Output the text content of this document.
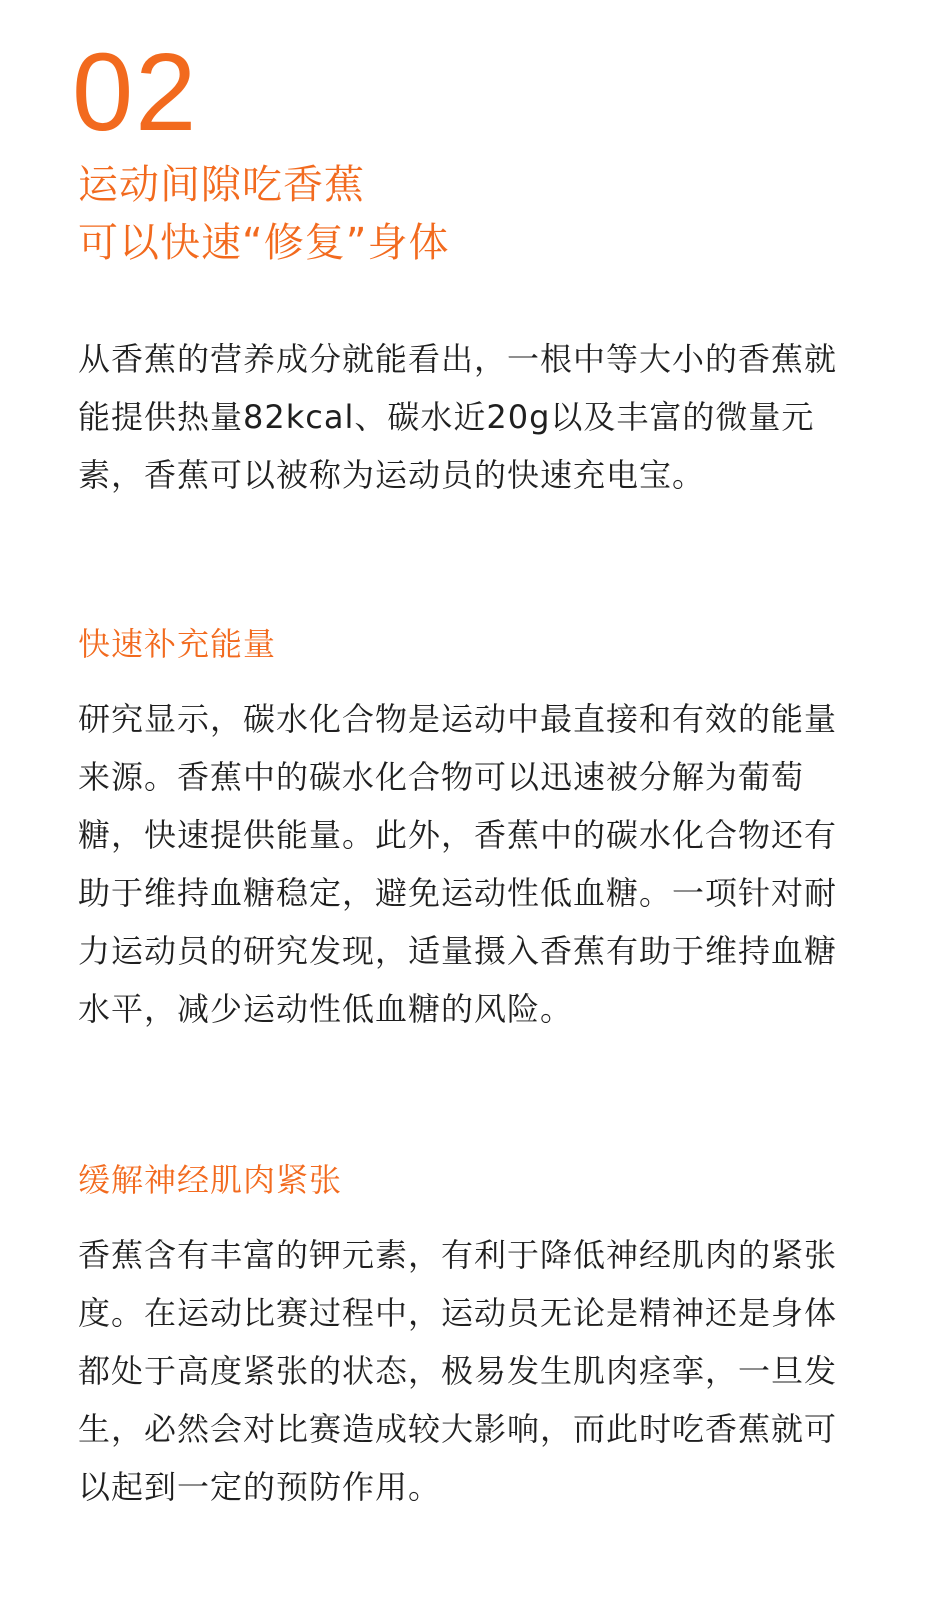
02
运动间隙吃香蕉
可以快速“修复”身体

从香蕉的营养成分就能看出，一根中等大小的香蕉就能提供热量82kcal、碳水近20g以及丰富的微量元素，香蕉可以被称为运动员的快速充电宝。

快速补充能量

研究显示，碳水化合物是运动中最直接和有效的能量来源。香蕉中的碳水化合物可以迅速被分解为葡萄糖，快速提供能量。此外，香蕉中的碳水化合物还有助于维持血糖稳定，避免运动性低血糖。一项针对耐力运动员的研究发现，适量摄入香蕉有助于维持血糖水平，减少运动性低血糖的风险。

缓解神经肌肉紧张

香蕉含有丰富的钾元素，有利于降低神经肌肉的紧张度。在运动比赛过程中，运动员无论是精神还是身体都处于高度紧张的状态，极易发生肌肉痉挛，一旦发生，必然会对比赛造成较大影响，而此时吃香蕉就可以起到一定的预防作用。
